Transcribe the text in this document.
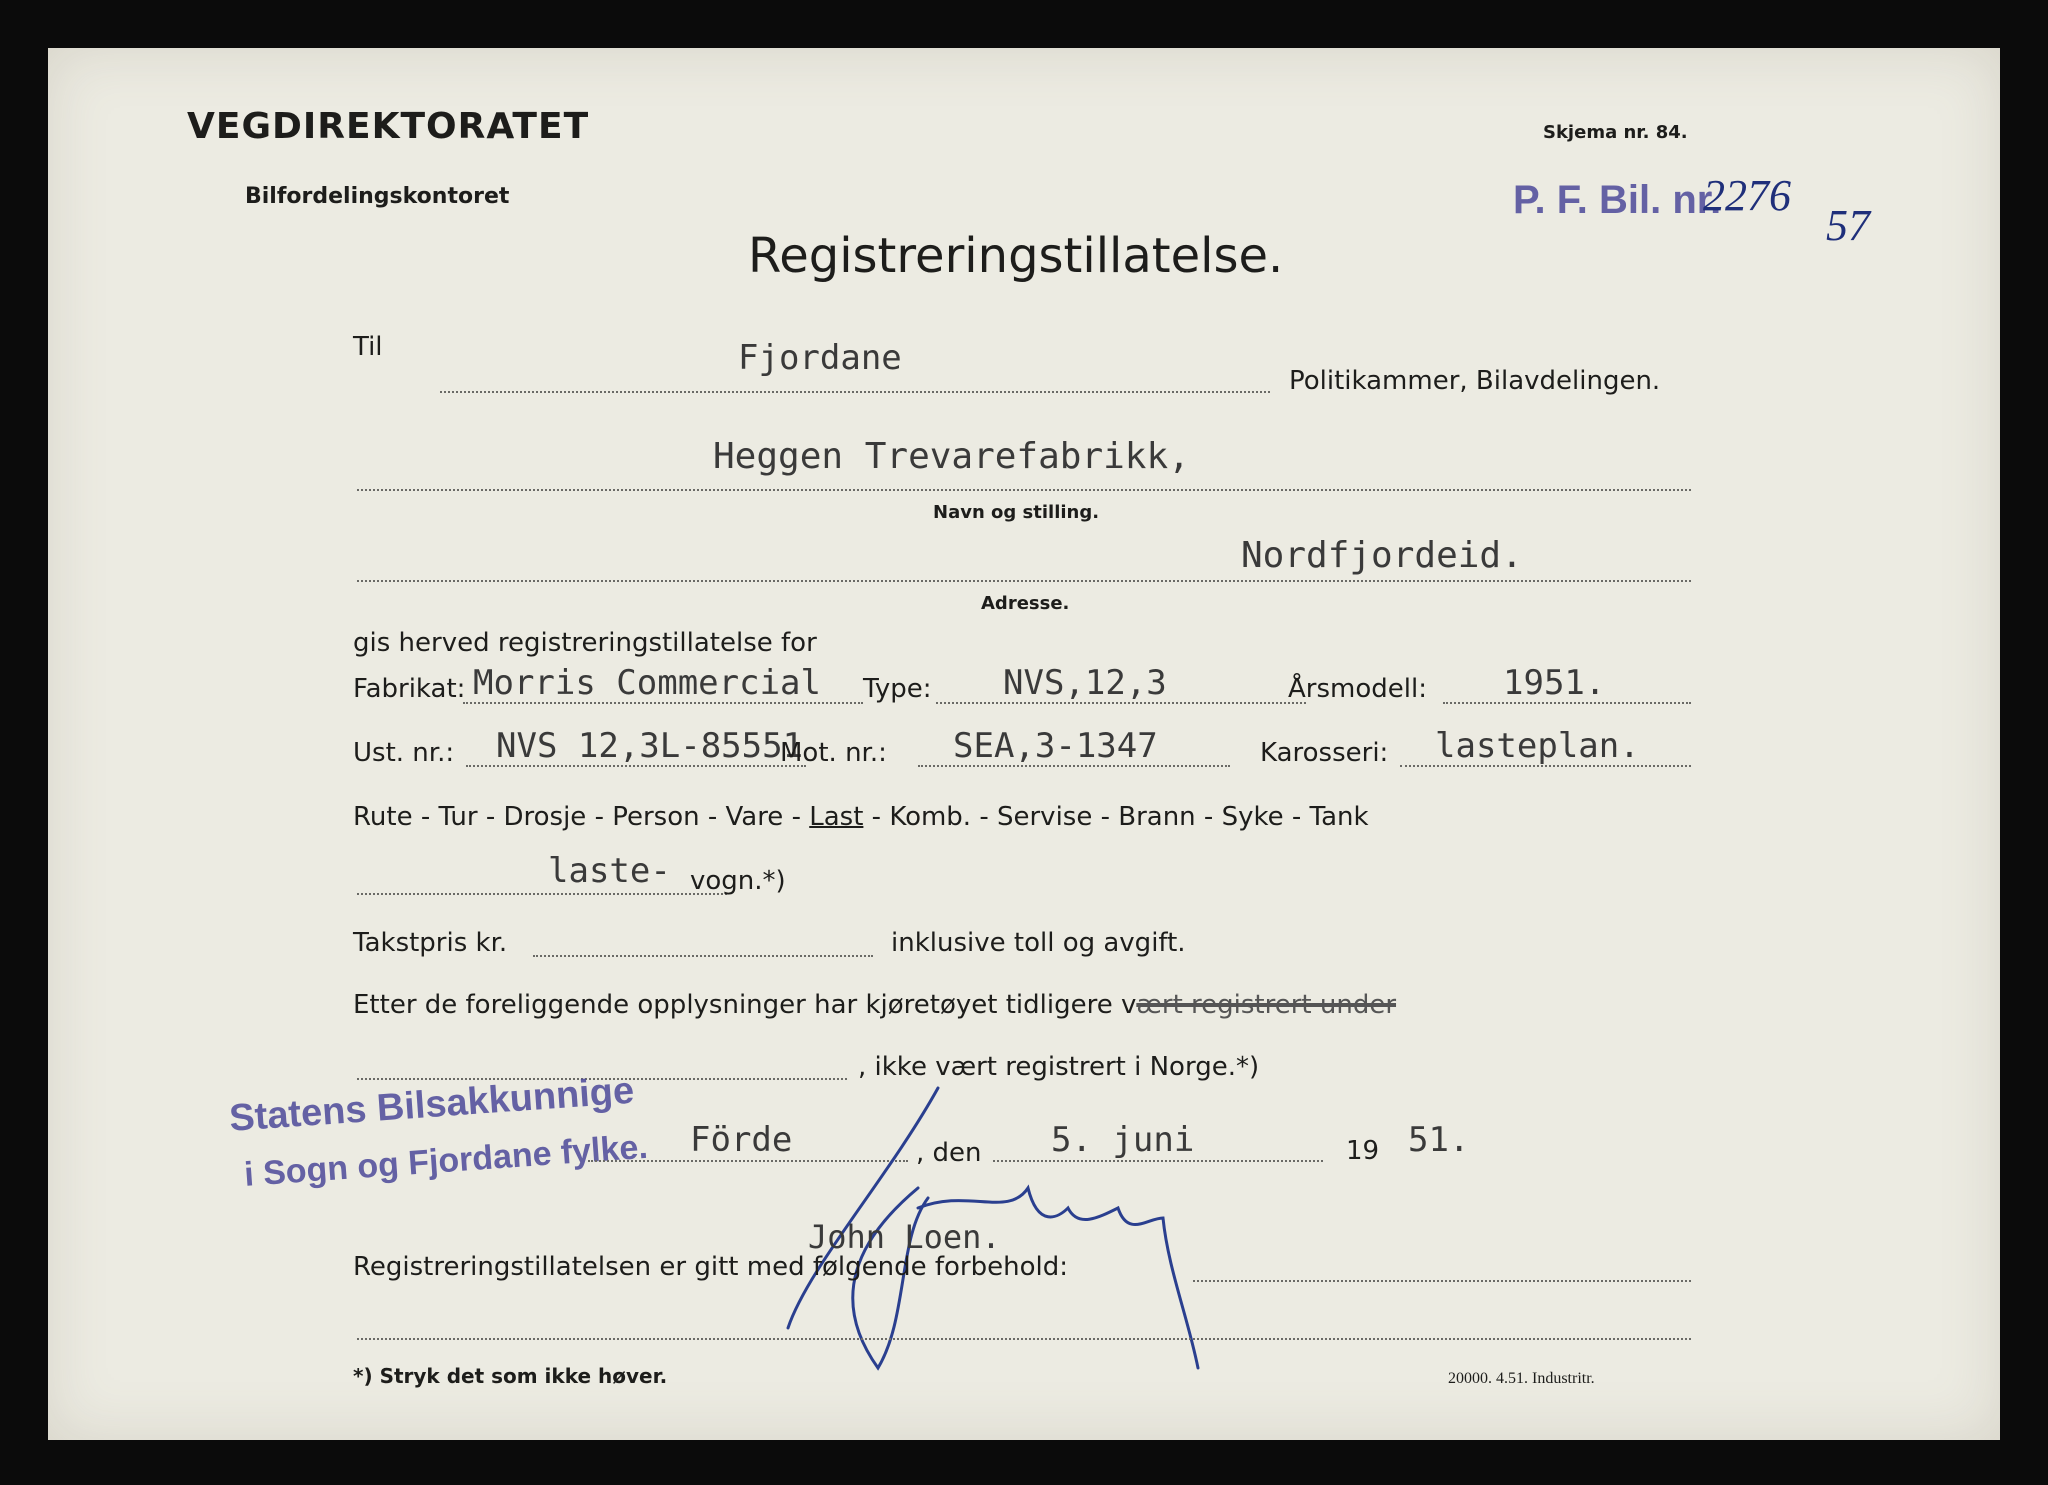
VEGDIREKTORATET
Bilfordelingskontoret
Skjema nr. 84.
P. F. Bil. nr.
2276
57
Registreringstillatelse.
Til	Fjordane
Politikammer, Bilavdelingen.
Heggen Trevarefabrikk,
Navn og stilling.
Nordfjordeid.
Adresse.
gis herved registreringstillatelse for
Fabrikat: Morris Commercial Type: NVS,12,3	Årsmodell: 1951.
Ust. nr.: NVS 12,3L-85551
Mot. nr.: SEA,3-1347	Karosseri: lasteplan.
Rute - Tur - Drosje - Person - Vare - Last - Komb. - Servise - Brann - Syke - Tank
laste- vogn.*)
Takstpris kr.	inklusive toll og avgift.
Etter de foreliggende opplysninger har kjøretøyet tidligere vært registrert under
, ikke vært registrert i Norge.*)
Statens Bilsakkunnige
i Sogn og Fjordane fylke. Förde	, den 5. juni	19 51.
John Loen.
Registreringstillatelsen er gitt med følgende forbehold:
*) Stryk det som ikke høver.	20000. 4.51. Industritr.
